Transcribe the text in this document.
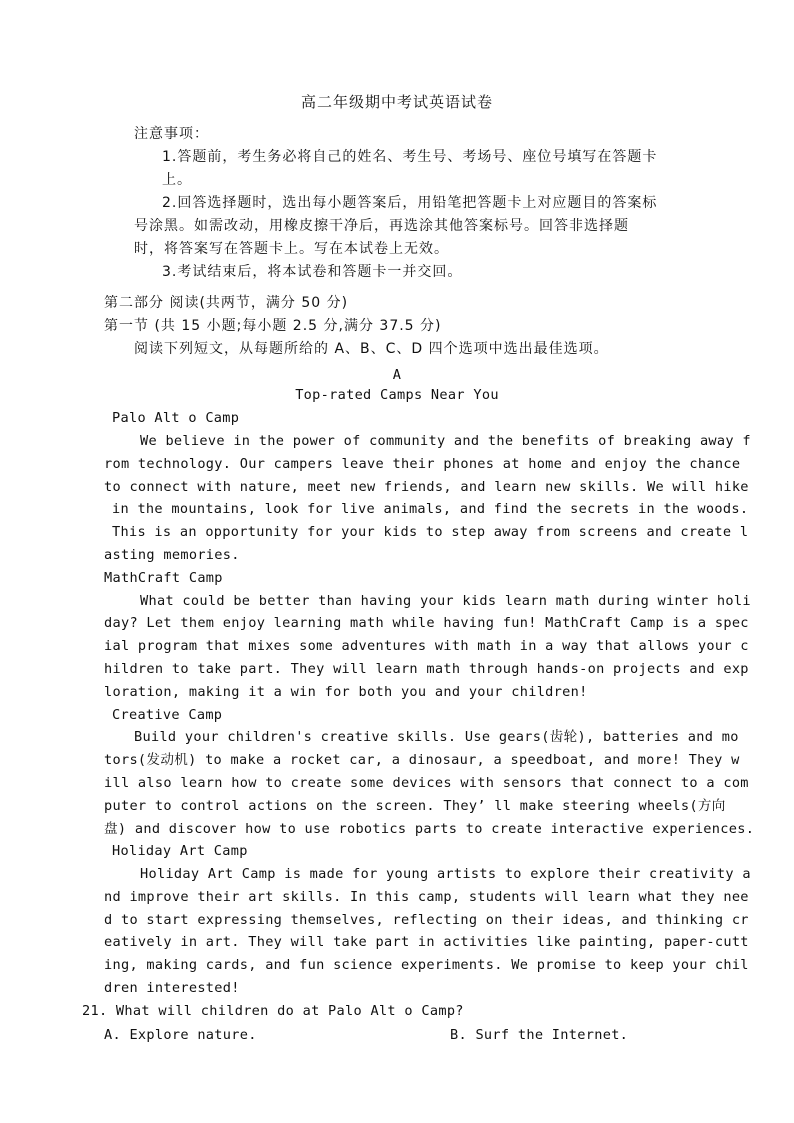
高二年级期中考试英语试卷
注意事项：
1.答题前，考生务必将自己的姓名、考生号、考场号、座位号填写在答题卡
上。
2.回答选择题时，选出每小题答案后，用铅笔把答题卡上对应题目的答案标
号涂黑。如需改动，用橡皮擦干净后，再选涂其他答案标号。回答非选择题
时，将答案写在答题卡上。写在本试卷上无效。
3.考试结束后，将本试卷和答题卡一并交回。
第二部分 阅读(共两节，满分 50 分)
第一节 (共 15 小题;每小题 2.5 分,满分 37.5 分)
阅读下列短文，从每题所给的 A、B、C、D 四个选项中选出最佳选项。
A
Top-rated Camps Near You
Palo Alt o Camp
We believe in the power of community and the benefits of breaking away f
rom technology. Our campers leave their phones at home and enjoy the chance
to connect with nature, meet new friends, and learn new skills. We will hike
in the mountains, look for live animals, and find the secrets in the woods.
This is an opportunity for your kids to step away from screens and create l
asting memories.
MathCraft Camp
What could be better than having your kids learn math during winter holi
day? Let them enjoy learning math while having fun! MathCraft Camp is a spec
ial program that mixes some adventures with math in a way that allows your c
hildren to take part. They will learn math through hands-on projects and exp
loration, making it a win for both you and your children!
Creative Camp
Build your children's creative skills. Use gears(齿轮), batteries and mo
tors(发动机) to make a rocket car, a dinosaur, a speedboat, and more! They w
ill also learn how to create some devices with sensors that connect to a com
puter to control actions on the screen. They’ ll make steering wheels(方向
盘) and discover how to use robotics parts to create interactive experiences.
Holiday Art Camp
Holiday Art Camp is made for young artists to explore their creativity a
nd improve their art skills. In this camp, students will learn what they nee
d to start expressing themselves, reflecting on their ideas, and thinking cr
eatively in art. They will take part in activities like painting, paper-cutt
ing, making cards, and fun science experiments. We promise to keep your chil
dren interested!
21. What will children do at Palo Alt o Camp?
A. Explore nature.	B. Surf the Internet.
